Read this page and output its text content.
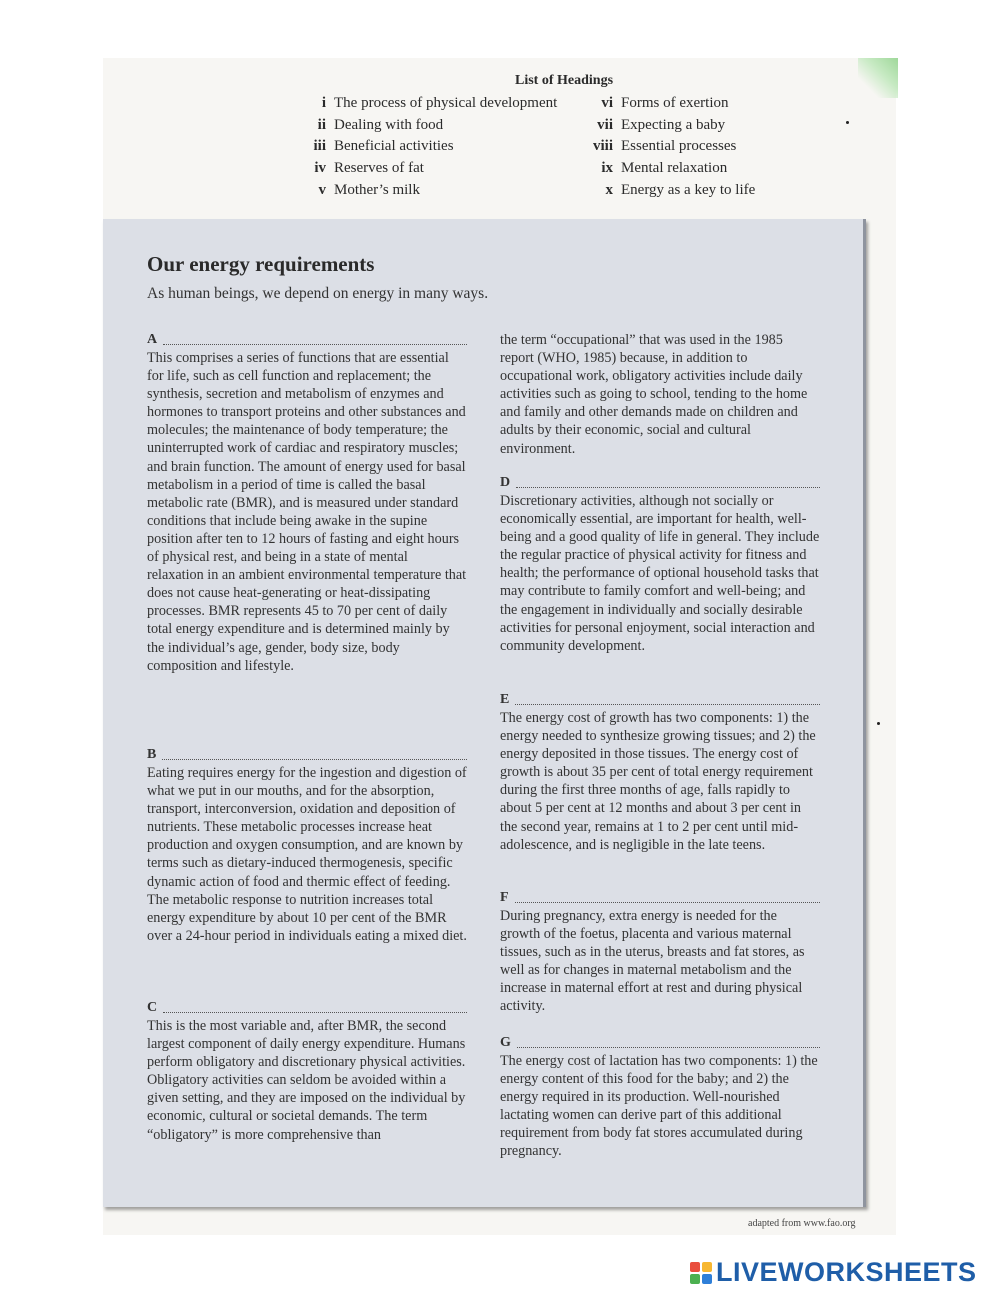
List of Headings
i The process of physical development
ii Dealing with food
iii Beneficial activities
iv Reserves of fat
v Mother’s milk
vi Forms of exertion
vii Expecting a baby
viii Essential processes
ix Mental relaxation
x Energy as a key to life
Our energy requirements
As human beings, we depend on energy in many ways.
A

This comprises a series of functions that are essential for life, such as cell function and replacement; the synthesis, secretion and metabolism of enzymes and hormones to transport proteins and other substances and molecules; the maintenance of body temperature; the uninterrupted work of cardiac and respiratory muscles; and brain function. The amount of energy used for basal metabolism in a period of time is called the basal metabolic rate (BMR), and is measured under standard conditions that include being awake in the supine position after ten to 12 hours of fasting and eight hours of physical rest, and being in a state of mental relaxation in an ambient environmental temperature that does not cause heat-generating or heat-dissipating processes. BMR represents 45 to 70 per cent of daily total energy expenditure and is determined mainly by the individual’s age, gender, body size, body composition and lifestyle.

B

Eating requires energy for the ingestion and digestion of what we put in our mouths, and for the absorption, transport, interconversion, oxidation and deposition of nutrients. These metabolic processes increase heat production and oxygen consumption, and are known by terms such as dietary-induced thermogenesis, specific dynamic action of food and thermic effect of feeding. The metabolic response to nutrition increases total energy expenditure by about 10 per cent of the BMR over a 24-hour period in individuals eating a mixed diet.

C

This is the most variable and, after BMR, the second largest component of daily energy expenditure. Humans perform obligatory and discretionary physical activities. Obligatory activities can seldom be avoided within a given setting, and they are imposed on the individual by economic, cultural or societal demands. The term “obligatory” is more comprehensive than

the term “occupational” that was used in the 1985 report (WHO, 1985) because, in addition to occupational work, obligatory activities include daily activities such as going to school, tending to the home and family and other demands made on children and adults by their economic, social and cultural environment.

D

Discretionary activities, although not socially or economically essential, are important for health, well-being and a good quality of life in general. They include the regular practice of physical activity for fitness and health; the performance of optional household tasks that may contribute to family comfort and well-being; and the engagement in individually and socially desirable activities for personal enjoyment, social interaction and community development.

E

The energy cost of growth has two components: 1) the energy needed to synthesize growing tissues; and 2) the energy deposited in those tissues. The energy cost of growth is about 35 per cent of total energy requirement during the first three months of age, falls rapidly to about 5 per cent at 12 months and about 3 per cent in the second year, remains at 1 to 2 per cent until mid-adolescence, and is negligible in the late teens.

F

During pregnancy, extra energy is needed for the growth of the foetus, placenta and various maternal tissues, such as in the uterus, breasts and fat stores, as well as for changes in maternal metabolism and the increase in maternal effort at rest and during physical activity.

G

The energy cost of lactation has two components: 1) the energy content of this food for the baby; and 2) the energy required in its production. Well-nourished lactating women can derive part of this additional requirement from body fat stores accumulated during pregnancy.

adapted from www.fao.org
LIVEWORKSHEETS
